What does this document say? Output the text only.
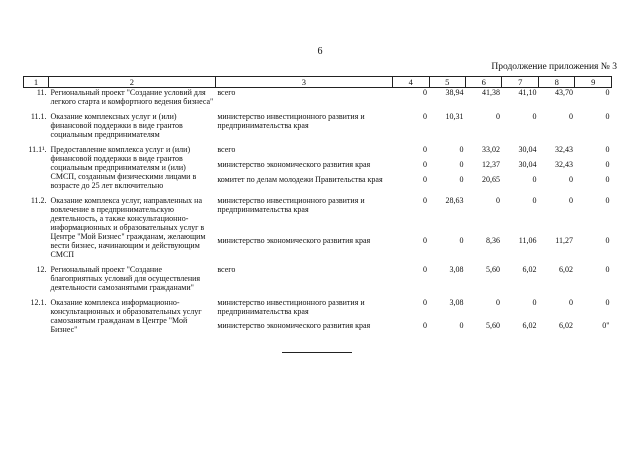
6
Продолжение приложения № 3
1	2	3	4	5	6	7	8	9
11.	Региональный проект "Создание условий для легкого старта и комфортного ведения бизнеса"	всего	0	38,94	41,38	41,10	43,70	0

11.1.	Оказание комплексных услуг и (или) финансовой поддержки в виде грантов социальным предпринимателям	министерство инвестиционного развития и предпринимательства края	0	10,31	0	0	0	0

11.1¹.	Предоставление комплекса услуг и (или) финансовой поддержки в виде грантов социальным предпринимателям и (или) СМСП, созданным физическими лицами в возрасте до 25 лет включительно	всего	0	0	33,02	30,04	32,43	0
		министерство экономического развития края	0	0	12,37	30,04	32,43	0
		комитет по делам молодежи Правительства края	0	0	20,65	0	0	0

11.2.	Оказание комплекса услуг, направленных на вовлечение в предпринимательскую деятельность, а также консультационно-информационных и образовательных услуг в Центре "Мой Бизнес" гражданам, желающим вести бизнес, начинающим и действующим СМСП	министерство инвестиционного развития и предпринимательства края	0	28,63	0	0	0	0
		министерство экономического развития края	0	0	8,36	11,06	11,27	0

12.	Региональный проект "Создание благоприятных условий для осуществления деятельности самозанятыми гражданами"	всего	0	3,08	5,60	6,02	6,02	0

12.1.	Оказание комплекса информационно-консультационных и образовательных услуг самозанятым гражданам в Центре "Мой Бизнес"	министерство инвестиционного развития и предпринимательства края	0	3,08	0	0	0	0
		министерство экономического развития края	0	0	5,60	6,02	6,02	0"
